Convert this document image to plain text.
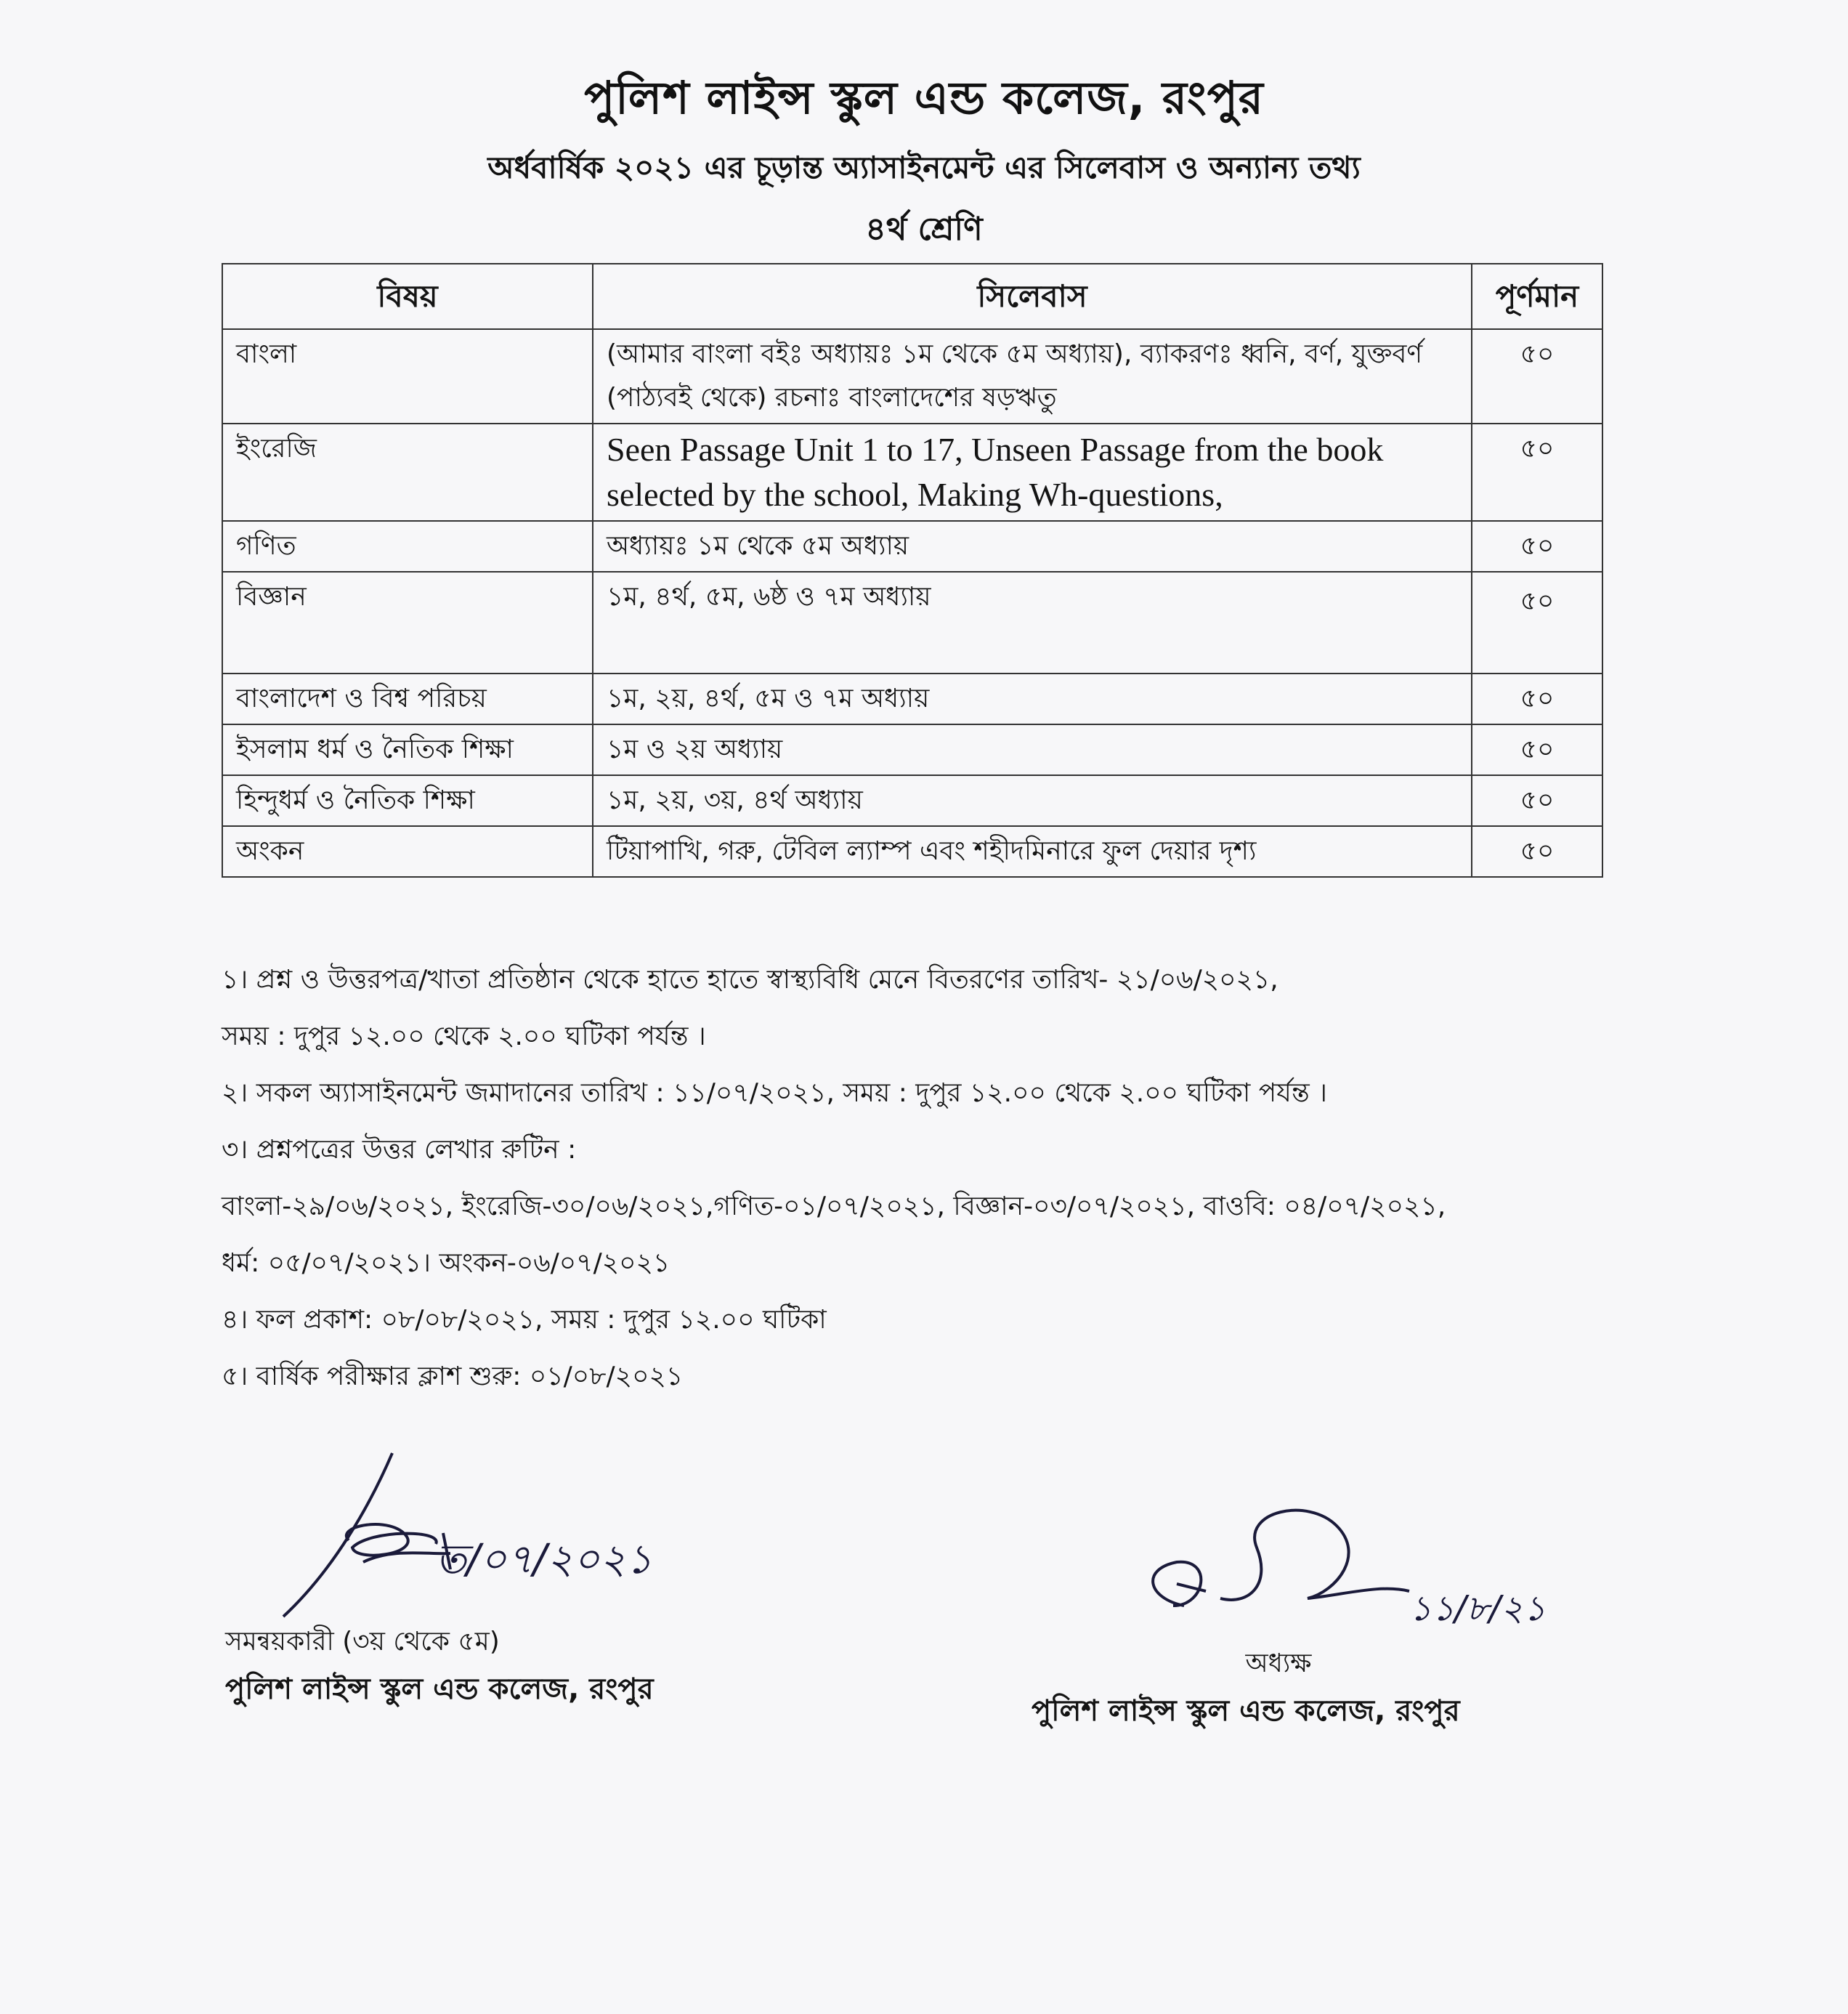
পুলিশ লাইন্স স্কুল এন্ড কলেজ, রংপুর
অর্ধবার্ষিক ২০২১ এর চূড়ান্ত অ্যাসাইনমেন্ট এর সিলেবাস ও অন্যান্য তথ্য
৪র্থ শ্রেণি
বিষয়	সিলেবাস	পূর্ণমান
বাংলা	(আমার বাংলা বইঃ অধ্যায়ঃ ১ম থেকে ৫ম অধ্যায়), ব্যাকরণঃ ধ্বনি, বর্ণ, যুক্তবর্ণ (পাঠ্যবই থেকে) রচনাঃ বাংলাদেশের ষড়ঋতু	৫০
ইংরেজি	Seen Passage Unit 1 to 17, Unseen Passage from the book selected by the school, Making Wh-questions,	৫০
গণিত	অধ্যায়ঃ ১ম থেকে ৫ম অধ্যায়	৫০
বিজ্ঞান	১ম, ৪র্থ, ৫ম, ৬ষ্ঠ ও ৭ম অধ্যায়	৫০
বাংলাদেশ ও বিশ্ব পরিচয়	১ম, ২য়, ৪র্থ, ৫ম ও ৭ম অধ্যায়	৫০
ইসলাম ধর্ম ও নৈতিক শিক্ষা	১ম ও ২য় অধ্যায়	৫০
হিন্দুধর্ম ও নৈতিক শিক্ষা	১ম, ২য়, ৩য়, ৪র্থ অধ্যায়	৫০
অংকন	টিয়াপাখি, গরু, টেবিল ল্যাম্প এবং শহীদমিনারে ফুল দেয়ার দৃশ্য	৫০

১। প্রশ্ন ও উত্তরপত্র/খাতা প্রতিষ্ঠান থেকে হাতে হাতে স্বাস্থ্যবিধি মেনে বিতরণের তারিখ- ২১/০৬/২০২১,

সময় : দুপুর ১২.০০ থেকে ২.০০ ঘটিকা পর্যন্ত ।

২। সকল অ্যাসাইনমেন্ট জমাদানের তারিখ : ১১/০৭/২০২১, সময় : দুপুর ১২.০০ থেকে ২.০০ ঘটিকা পর্যন্ত ।

৩। প্রশ্নপত্রের উত্তর লেখার রুটিন :

বাংলা-২৯/০৬/২০২১, ইংরেজি-৩০/০৬/২০২১,গণিত-০১/০৭/২০২১, বিজ্ঞান-০৩/০৭/২০২১, বাওবি: ০৪/০৭/২০২১,

ধর্ম: ০৫/০৭/২০২১। অংকন-০৬/০৭/২০২১

৪। ফল প্রকাশ: ০৮/০৮/২০২১, সময় : দুপুর ১২.০০ ঘটিকা

৫। বার্ষিক পরীক্ষার ক্লাশ শুরু: ০১/০৮/২০২১

ত/০৭/২০২১
সমন্বয়কারী (৩য় থেকে ৫ম)
পুলিশ লাইন্স স্কুল এন্ড কলেজ, রংপুর
১১/৮/২১
অধ্যক্ষ
পুলিশ লাইন্স স্কুল এন্ড কলেজ, রংপুর
